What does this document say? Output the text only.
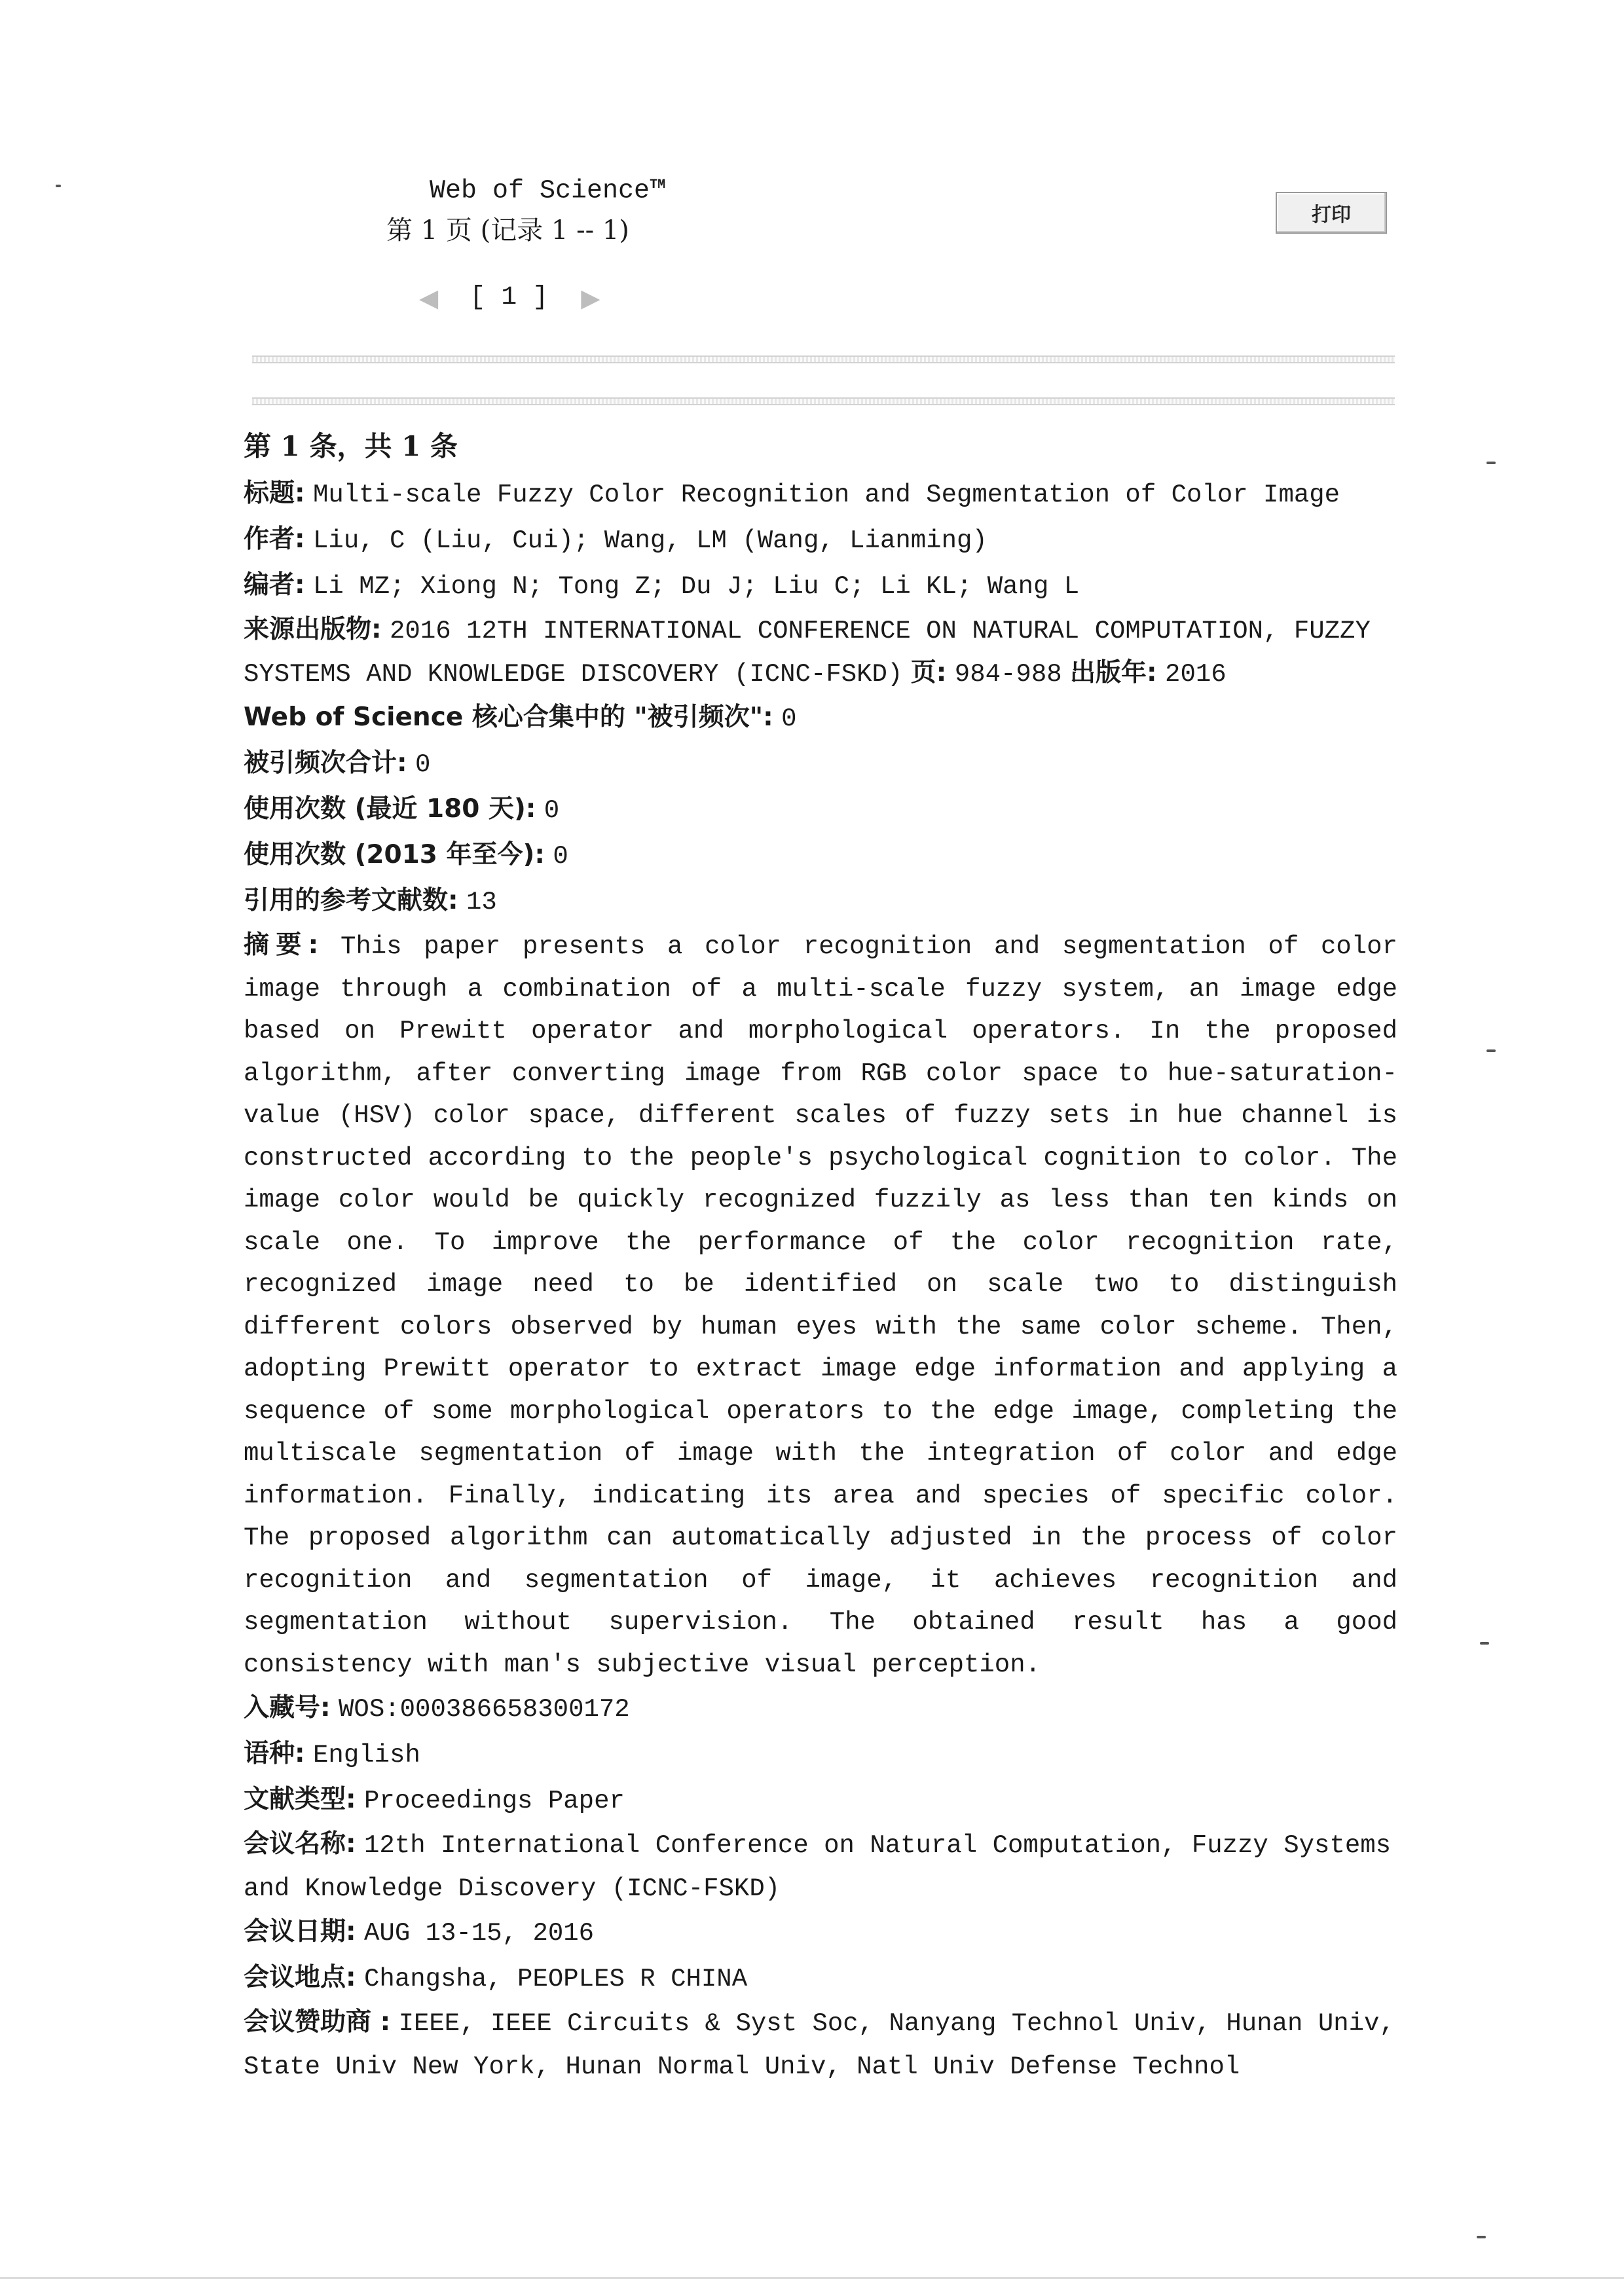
Web of Science™
第 1 页 (记录 1 -- 1)
打印
◀ [ 1 ] ▶
第 1 条，共 1 条
标题: Multi-scale Fuzzy Color Recognition and Segmentation of Color Image
作者: Liu, C (Liu, Cui); Wang, LM (Wang, Lianming)
编者: Li MZ; Xiong N; Tong Z; Du J; Liu C; Li KL; Wang L
来源出版物: 2016 12TH INTERNATIONAL CONFERENCE ON NATURAL COMPUTATION, FUZZY SYSTEMS AND KNOWLEDGE DISCOVERY (ICNC-FSKD) 页: 984-988 出版年: 2016
Web of Science 核心合集中的 "被引频次": 0
被引频次合计: 0
使用次数 (最近 180 天): 0
使用次数 (2013 年至今): 0
引用的参考文献数: 13
摘要: This paper presents a color recognition and segmentation of color image through a combination of a multi-scale fuzzy system, an image edge based on Prewitt operator and morphological operators. In the proposed algorithm, after converting image from RGB color space to hue-saturation-value (HSV) color space, different scales of fuzzy sets in hue channel is constructed according to the people's psychological cognition to color. The image color would be quickly recognized fuzzily as less than ten kinds on scale one. To improve the performance of the color recognition rate, recognized image need to be identified on scale two to distinguish different colors observed by human eyes with the same color scheme. Then, adopting Prewitt operator to extract image edge information and applying a sequence of some morphological operators to the edge image, completing the multiscale segmentation of image with the integration of color and edge information. Finally, indicating its area and species of specific color. The proposed algorithm can automatically adjusted in the process of color recognition and segmentation of image, it achieves recognition and segmentation without supervision. The obtained result has a good consistency with man's subjective visual perception.
入藏号: WOS:000386658300172
语种: English
文献类型: Proceedings Paper
会议名称: 12th International Conference on Natural Computation, Fuzzy Systems and Knowledge Discovery (ICNC-FSKD)
会议日期: AUG 13-15, 2016
会议地点: Changsha, PEOPLES R CHINA
会议赞助商 : IEEE, IEEE Circuits & Syst Soc, Nanyang Technol Univ, Hunan Univ, State Univ New York, Hunan Normal Univ, Natl Univ Defense Technol
